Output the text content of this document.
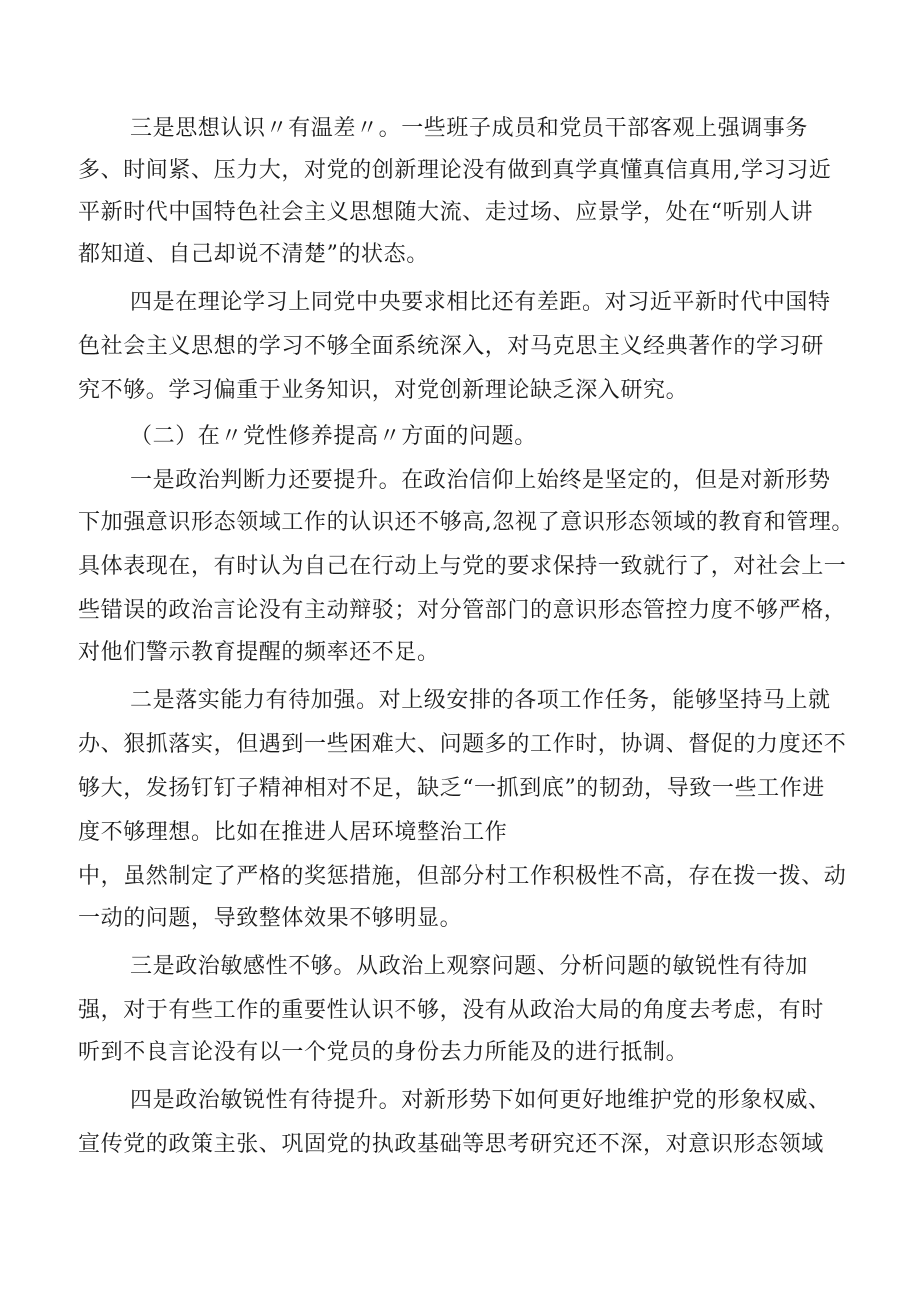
三是思想认识〃有温差〃。一些班子成员和党员干部客观上强调事务
多、时间紧、压力大，对党的创新理论没有做到真学真懂真信真用,学习习近
平新时代中国特色社会主义思想随大流、走过场、应景学，处在“听别人讲
都知道、自己却说不清楚”的状态。
四是在理论学习上同党中央要求相比还有差距。对习近平新时代中国特
色社会主义思想的学习不够全面系统深入，对马克思主义经典著作的学习研
究不够。学习偏重于业务知识，对党创新理论缺乏深入研究。
（二）在〃党性修养提高〃方面的问题。
一是政治判断力还要提升。在政治信仰上始终是坚定的，但是对新形势
下加强意识形态领域工作的认识还不够高,忽视了意识形态领域的教育和管理。
具体表现在，有时认为自己在行动上与党的要求保持一致就行了，对社会上一
些错误的政治言论没有主动辩驳；对分管部门的意识形态管控力度不够严格，
对他们警示教育提醒的频率还不足。
二是落实能力有待加强。对上级安排的各项工作任务，能够坚持马上就
办、狠抓落实，但遇到一些困难大、问题多的工作时，协调、督促的力度还不
够大，发扬钉钉子精神相对不足，缺乏“一抓到底”的韧劲，导致一些工作进
度不够理想。比如在推进人居环境整治工作
中，虽然制定了严格的奖惩措施，但部分村工作积极性不高，存在拨一拨、动
一动的问题，导致整体效果不够明显。
三是政治敏感性不够。从政治上观察问题、分析问题的敏锐性有待加
强，对于有些工作的重要性认识不够，没有从政治大局的角度去考虑，有时
听到不良言论没有以一个党员的身份去力所能及的进行抵制。
四是政治敏锐性有待提升。对新形势下如何更好地维护党的形象权威、
宣传党的政策主张、巩固党的执政基础等思考研究还不深，对意识形态领域
